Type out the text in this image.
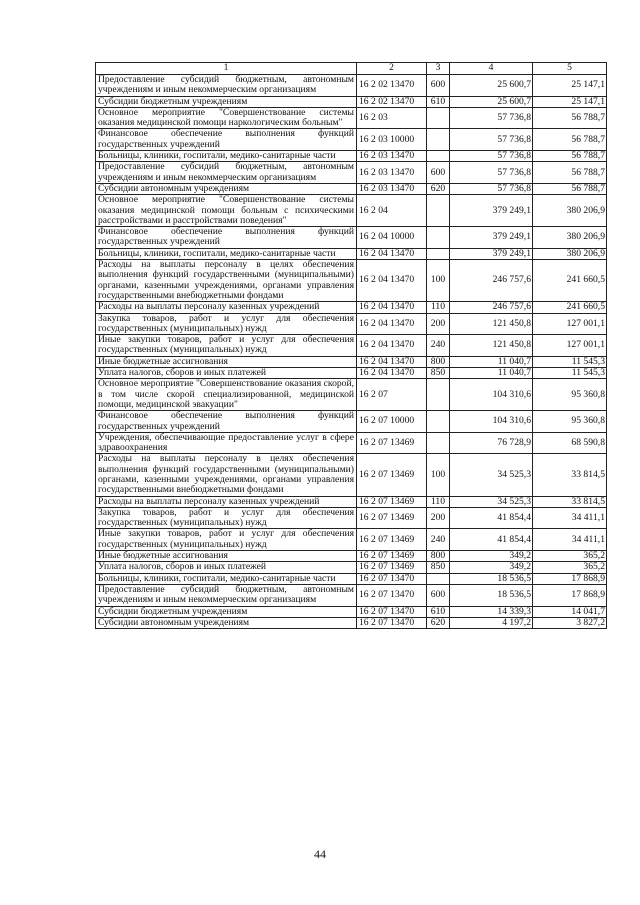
1	2	3	4	5
Предоставление субсидий бюджетным, автономным учреждениям и иным некоммерческим организациям	16 2 02 13470	600	25 600,7	25 147,1
Субсидии бюджетным учреждениям	16 2 02 13470	610	25 600,7	25 147,1
Основное мероприятие "Совершенствование системы оказания медицинской помощи наркологическим больным"	16 2 03		57 736,8	56 788,7
Финансовое обеспечение выполнения функций государственных учреждений	16 2 03 10000		57 736,8	56 788,7
Больницы, клиники, госпитали, медико-санитарные части	16 2 03 13470		57 736,8	56 788,7
Предоставление субсидий бюджетным, автономным учреждениям и иным некоммерческим организациям	16 2 03 13470	600	57 736,8	56 788,7
Субсидии автономным учреждениям	16 2 03 13470	620	57 736,8	56 788,7
Основное мероприятие "Совершенствование системы оказания медицинской помощи больным с психическими расстройствами и расстройствами поведения"	16 2 04		379 249,1	380 206,9
Финансовое обеспечение выполнения функций государственных учреждений	16 2 04 10000		379 249,1	380 206,9
Больницы, клиники, госпитали, медико-санитарные части	16 2 04 13470		379 249,1	380 206,9
Расходы на выплаты персоналу в целях обеспечения выполнения функций государственными (муниципальными) органами, казенными учреждениями, органами управления государственными внебюджетными фондами	16 2 04 13470	100	246 757,6	241 660,5
Расходы на выплаты персоналу казенных учреждений	16 2 04 13470	110	246 757,6	241 660,5
Закупка товаров, работ и услуг для обеспечения государственных (муниципальных) нужд	16 2 04 13470	200	121 450,8	127 001,1
Иные закупки товаров, работ и услуг для обеспечения государственных (муниципальных) нужд	16 2 04 13470	240	121 450,8	127 001,1
Иные бюджетные ассигнования	16 2 04 13470	800	11 040,7	11 545,3
Уплата налогов, сборов и иных платежей	16 2 04 13470	850	11 040,7	11 545,3
Основное мероприятие "Совершенствование оказания скорой, в том числе скорой специализированной, медицинской помощи, медицинской эвакуации"	16 2 07		104 310,6	95 360,8
Финансовое обеспечение выполнения функций государственных учреждений	16 2 07 10000		104 310,6	95 360,8
Учреждения, обеспечивающие предоставление услуг в сфере здравоохранения	16 2 07 13469		76 728,9	68 590,8
Расходы на выплаты персоналу в целях обеспечения выполнения функций государственными (муниципальными) органами, казенными учреждениями, органами управления государственными внебюджетными фондами	16 2 07 13469	100	34 525,3	33 814,5
Расходы на выплаты персоналу казенных учреждений	16 2 07 13469	110	34 525,3	33 814,5
Закупка товаров, работ и услуг для обеспечения государственных (муниципальных) нужд	16 2 07 13469	200	41 854,4	34 411,1
Иные закупки товаров, работ и услуг для обеспечения государственных (муниципальных) нужд	16 2 07 13469	240	41 854,4	34 411,1
Иные бюджетные ассигнования	16 2 07 13469	800	349,2	365,2
Уплата налогов, сборов и иных платежей	16 2 07 13469	850	349,2	365,2
Больницы, клиники, госпитали, медико-санитарные части	16 2 07 13470		18 536,5	17 868,9
Предоставление субсидий бюджетным, автономным учреждениям и иным некоммерческим организациям	16 2 07 13470	600	18 536,5	17 868,9
Субсидии бюджетным учреждениям	16 2 07 13470	610	14 339,3	14 041,7
Субсидии автономным учреждениям	16 2 07 13470	620	4 197,2	3 827,2
44
